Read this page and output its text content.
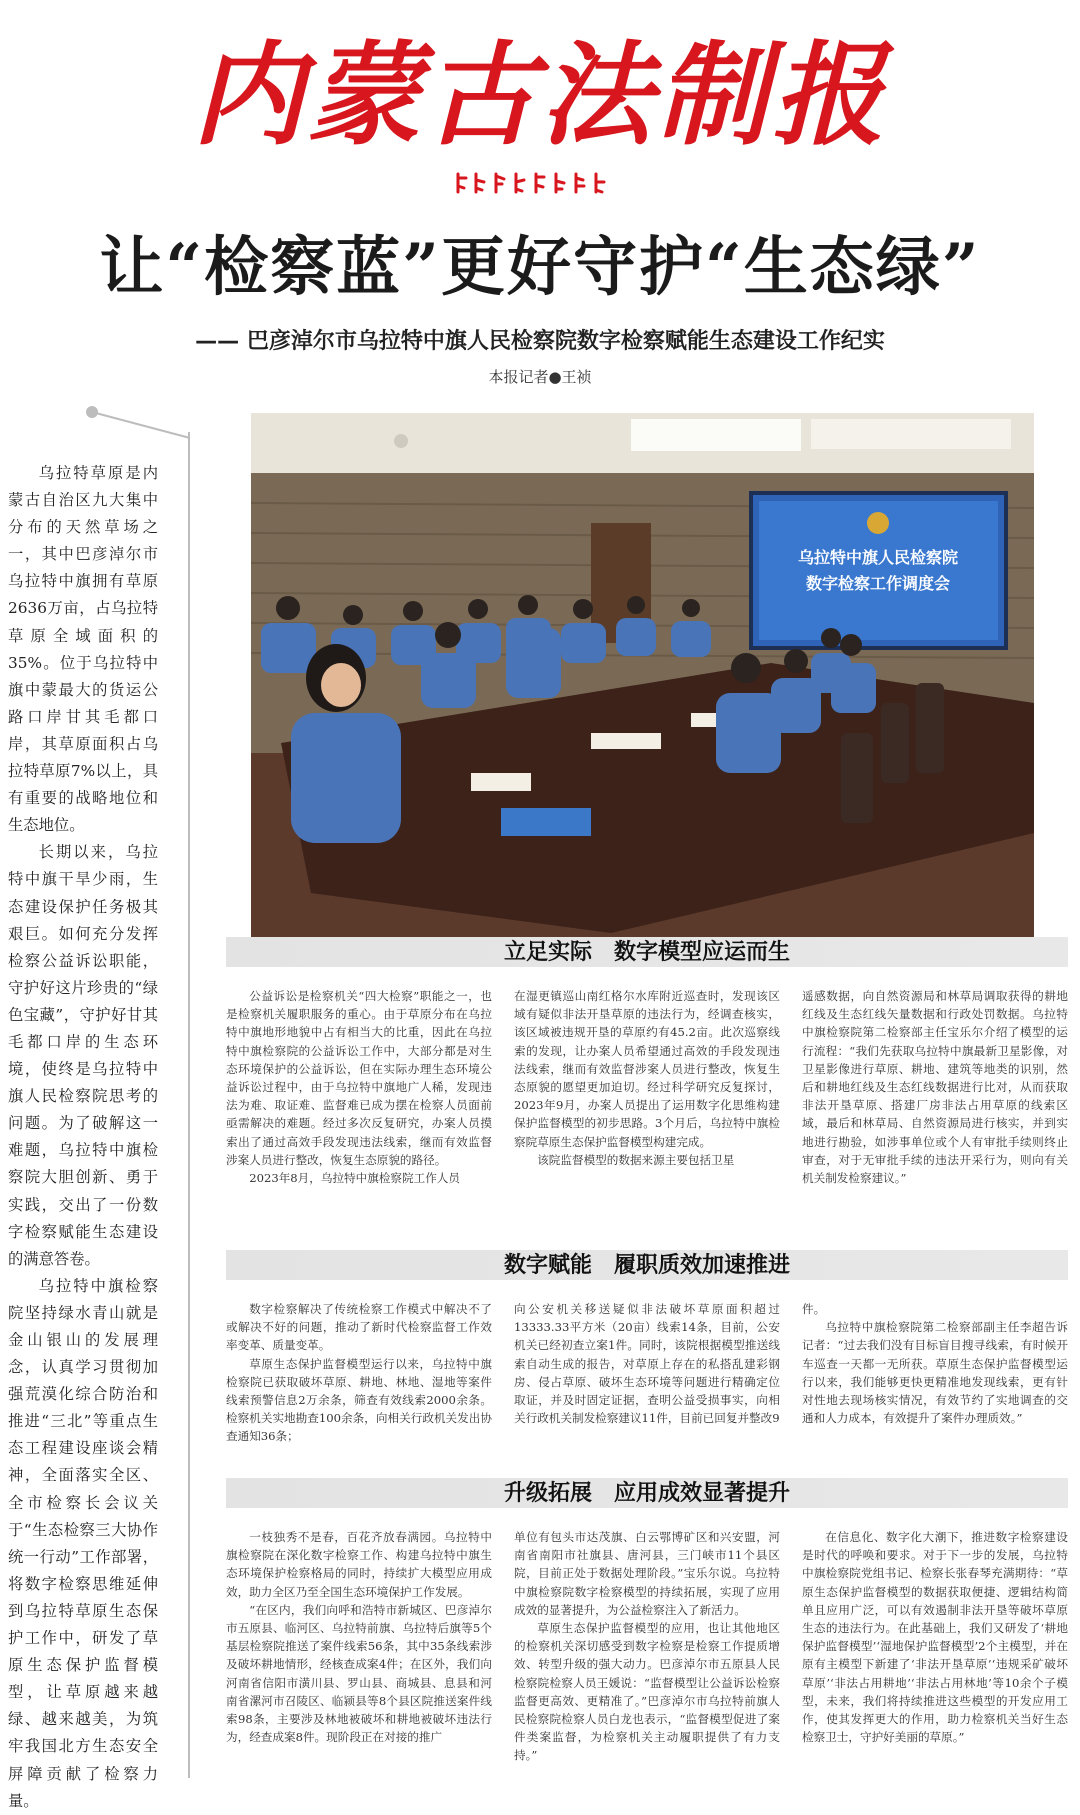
内蒙古法制报
让“检察蓝”更好守护“生态绿”
—— 巴彦淖尔市乌拉特中旗人民检察院数字检察赋能生态建设工作纪实
本报记者●王祯
乌拉特中旗人民检察院
数字检察工作调度会

乌拉特草原是内蒙古自治区九大集中分布的天然草场之一，其中巴彦淖尔市乌拉特中旗拥有草原2636万亩，占乌拉特草原全域面积的35%。位于乌拉特中旗中蒙最大的货运公路口岸甘其毛都口岸，其草原面积占乌拉特草原7%以上，具有重要的战略地位和生态地位。

长期以来，乌拉特中旗干旱少雨，生态建设保护任务极其艰巨。如何充分发挥检察公益诉讼职能，守护好这片珍贵的“绿色宝藏”，守护好甘其毛都口岸的生态环境，使终是乌拉特中旗人民检察院思考的问题。为了破解这一难题，乌拉特中旗检察院大胆创新、勇于实践，交出了一份数字检察赋能生态建设的满意答卷。

乌拉特中旗检察院坚持绿水青山就是金山银山的发展理念，认真学习贯彻加强荒漠化综合防治和推进“三北”等重点生态工程建设座谈会精神，全面落实全区、全市检察长会议关于“生态检察三大协作统一行动”工作部署，将数字检察思维延伸到乌拉特草原生态保护工作中，研发了草原生态保护监督模型，让草原越来越绿、越来越美，为筑牢我国北方生态安全屏障贡献了检察力量。

立足实际　数字模型应运而生

公益诉讼是检察机关“四大检察”职能之一，也是检察机关履职服务的重心。由于草原分布在乌拉特中旗地形地貌中占有相当大的比重，因此在乌拉特中旗检察院的公益诉讼工作中，大部分都是对生态环境保护的公益诉讼，但在实际办理生态环境公益诉讼过程中，由于乌拉特中旗地广人稀，发现违法为难、取证难、监督难已成为摆在检察人员面前亟需解决的难题。经过多次反复研究，办案人员摸索出了通过高效手段发现违法线索，继而有效监督涉案人员进行整改，恢复生态原貌的路径。

2023年8月，乌拉特中旗检察院工作人员

在湿更镇巡山南红格尔水库附近巡查时，发现该区域有疑似非法开垦草原的违法行为，经调查核实，该区域被违规开垦的草原约有45.2亩。此次巡察线索的发现，让办案人员希望通过高效的手段发现违法线索，继而有效监督涉案人员进行整改，恢复生态原貌的愿望更加迫切。经过科学研究反复探讨，2023年9月，办案人员提出了运用数字化思维构建保护监督模型的初步思路。3个月后，乌拉特中旗检察院草原生态保护监督模型构建完成。

该院监督模型的数据来源主要包括卫星

遥感数据，向自然资源局和林草局调取获得的耕地红线及生态红线矢量数据和行政处罚数据。乌拉特中旗检察院第二检察部主任宝乐尔介绍了模型的运行流程：“我们先获取乌拉特中旗最新卫星影像，对卫星影像进行草原、耕地、建筑等地类的识别，然后和耕地红线及生态红线数据进行比对，从而获取非法开垦草原、搭建厂房非法占用草原的线索区域，最后和林草局、自然资源局进行核实，并到实地进行勘验，如涉事单位或个人有审批手续则终止审查，对于无审批手续的违法开采行为，则向有关机关制发检察建议。”

数字赋能　履职质效加速推进

数字检察解决了传统检察工作模式中解决不了或解决不好的问题，推动了新时代检察监督工作效率变革、质量变革。

草原生态保护监督模型运行以来，乌拉特中旗检察院已获取破坏草原、耕地、林地、湿地等案件线索预警信息2万余条，筛查有效线索2000余条。检察机关实地勘查100余条，向相关行政机关发出协查通知36条；

向公安机关移送疑似非法破坏草原面积超过13333.33平方米（20亩）线索14条，目前，公安机关已经初查立案1件。同时，该院根据模型推送线索自动生成的报告，对草原上存在的私搭乱建彩钢房、侵占草原、破坏生态环境等问题进行精确定位取证，并及时固定证据，查明公益受损事实，向相关行政机关制发检察建议11件，目前已回复并整改9

件。

乌拉特中旗检察院第二检察部副主任李超告诉记者：“过去我们没有目标盲目搜寻线索，有时候开车巡查一天都一无所获。草原生态保护监督模型运行以来，我们能够更快更精准地发现线索，更有针对性地去现场核实情况，有效节约了实地调查的交通和人力成本，有效提升了案件办理质效。”

升级拓展　应用成效显著提升

一枝独秀不是春，百花齐放春满园。乌拉特中旗检察院在深化数字检察工作、构建乌拉特中旗生态环境保护检察格局的同时，持续扩大模型应用成效，助力全区乃至全国生态环境保护工作发展。

“在区内，我们向呼和浩特市新城区、巴彦淖尔市五原县、临河区、乌拉特前旗、乌拉特后旗等5个基层检察院推送了案件线索56条，其中35条线索涉及破坏耕地情形，经核查成案4件；在区外，我们向河南省信阳市潢川县、罗山县、商城县、息县和河南省漯河市召陵区、临颍县等8个县区院推送案件线索98条，主要涉及林地被破坏和耕地被破坏违法行为，经查成案8件。现阶段正在对接的推广

单位有包头市达茂旗、白云鄂博矿区和兴安盟，河南省南阳市社旗县、唐河县，三门峡市11个县区院，目前正处于数据处理阶段。”宝乐尔说。乌拉特中旗检察院数字检察模型的持续拓展，实现了应用成效的显著提升，为公益检察注入了新活力。

草原生态保护监督模型的应用，也让其他地区的检察机关深切感受到数字检察是检察工作提质增效、转型升级的强大动力。巴彦淖尔市五原县人民检察院检察人员王媛说：“监督模型让公益诉讼检察监督更高效、更精准了。”巴彦淖尔市乌拉特前旗人民检察院检察人员白龙也表示，“监督模型促进了案件类案监督，为检察机关主动履职提供了有力支持。”

在信息化、数字化大潮下，推进数字检察建设是时代的呼唤和要求。对于下一步的发展，乌拉特中旗检察院党组书记、检察长张春琴充满期待：“草原生态保护监督模型的数据获取便捷、逻辑结构简单且应用广泛，可以有效遏制非法开垦等破坏草原生态的违法行为。在此基础上，我们又研发了‘耕地保护监督模型’‘湿地保护监督模型’2个主模型，并在原有主模型下新建了‘非法开垦草原’‘违规采矿破坏草原’‘非法占用耕地’‘非法占用林地’等10余个子模型，未来，我们将持续推进这些模型的开发应用工作，使其发挥更大的作用，助力检察机关当好生态检察卫士，守护好美丽的草原。”
